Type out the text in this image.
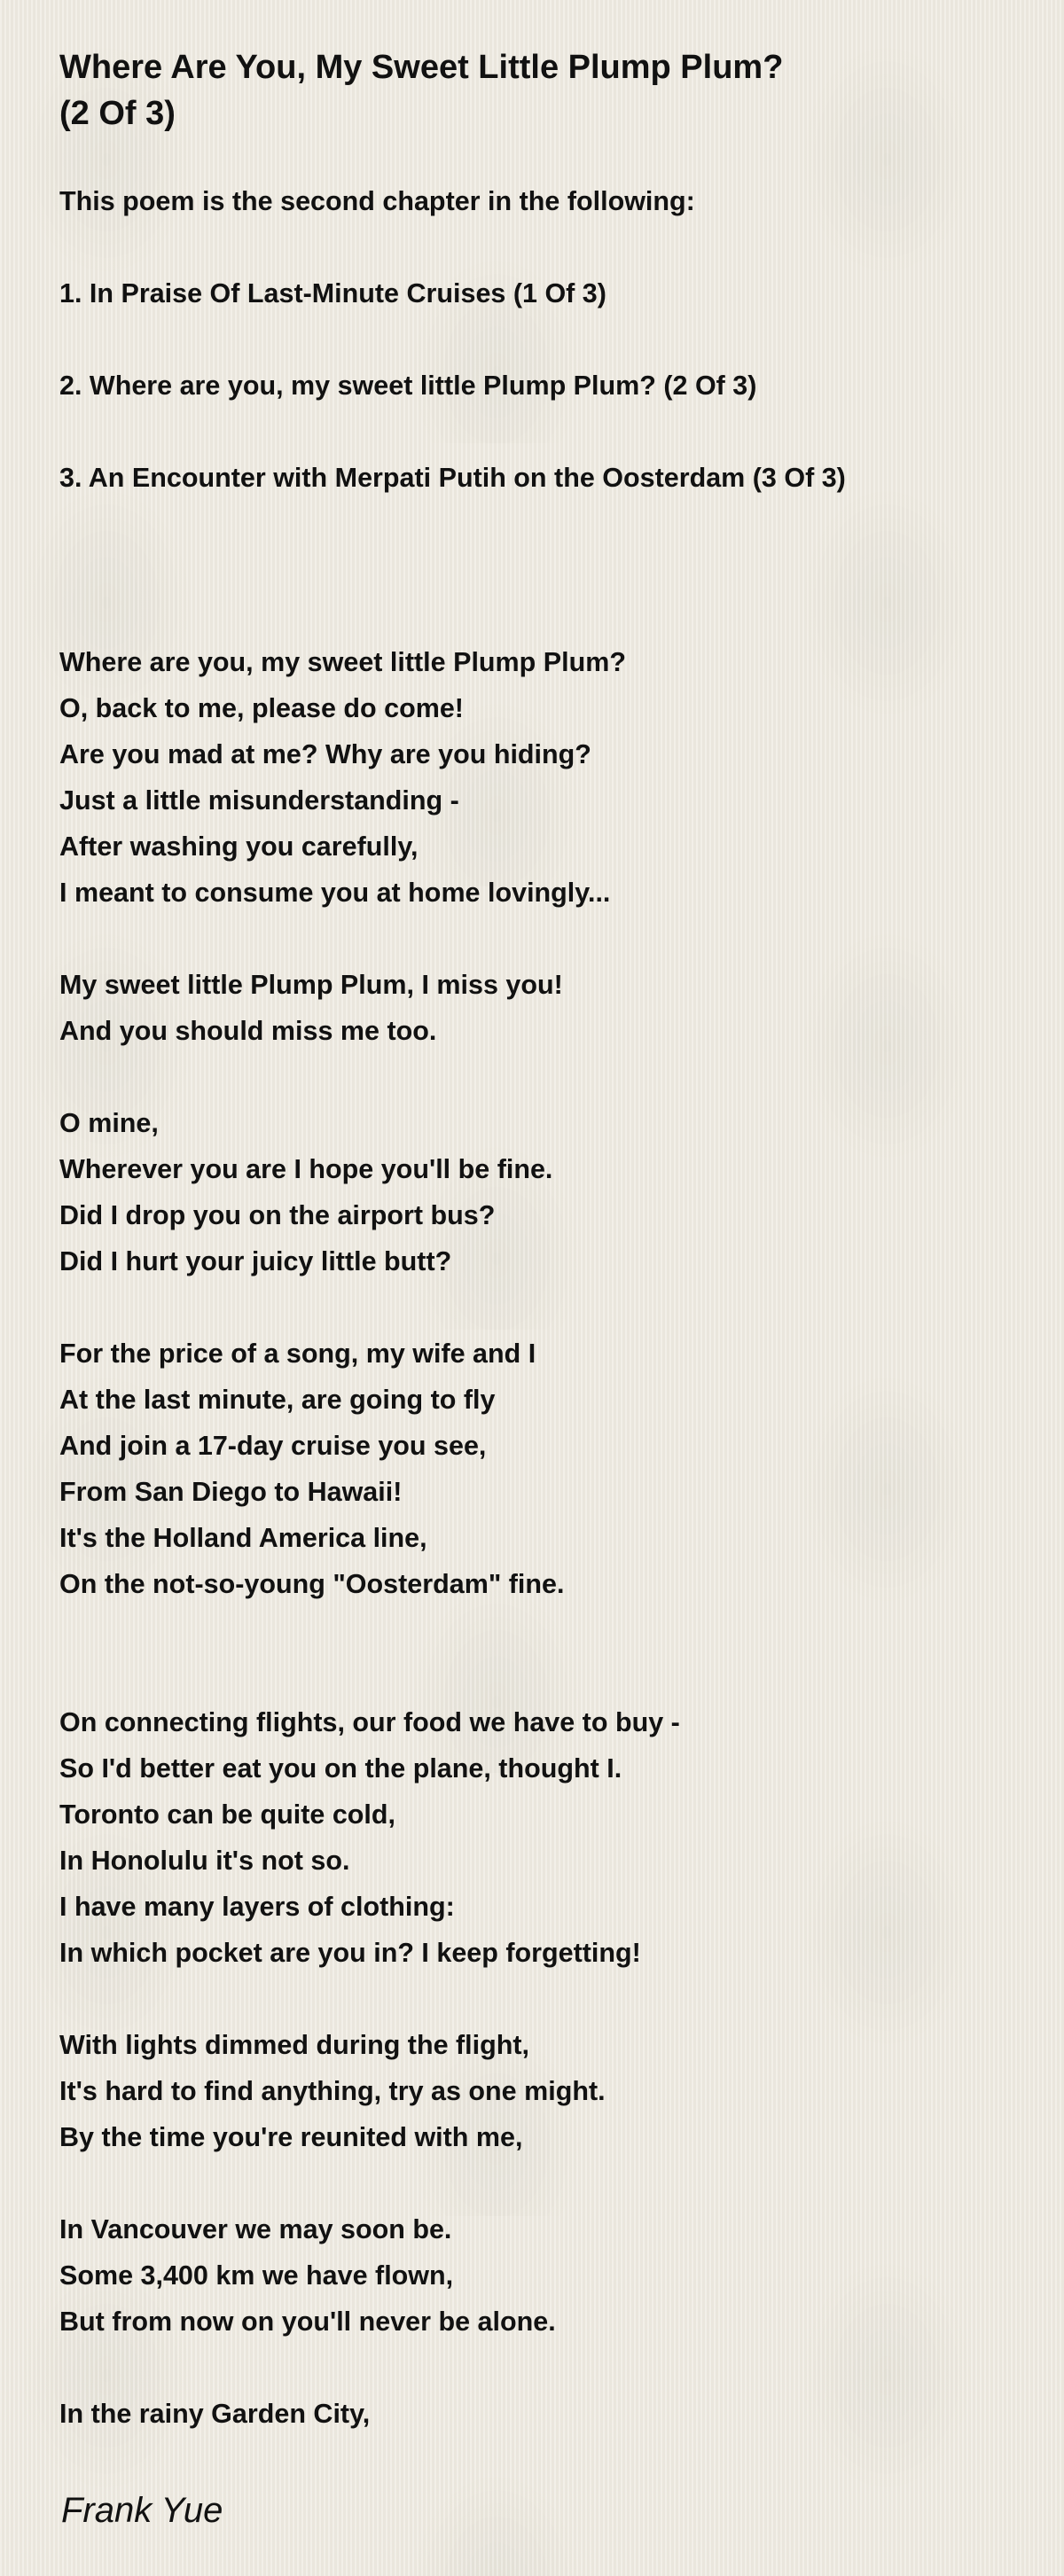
Where Are You, My Sweet Little Plump Plum?
(2 Of 3)
This poem is the second chapter in the following:
1. In Praise Of Last-Minute Cruises (1 Of 3)
2. Where are you, my sweet little Plump Plum? (2 Of 3)
3. An Encounter with Merpati Putih on the Oosterdam (3 Of 3)
Where are you, my sweet little Plump Plum?
O, back to me, please do come!
Are you mad at me? Why are you hiding?
Just a little misunderstanding -
After washing you carefully,
I meant to consume you at home lovingly...
My sweet little Plump Plum, I miss you!
And you should miss me too.
O mine,
Wherever you are I hope you'll be fine.
Did I drop you on the airport bus?
Did I hurt your juicy little butt?
For the price of a song, my wife and I
At the last minute, are going to fly
And join a 17-day cruise you see,
From San Diego to Hawaii!
It's the Holland America line,
On the not-so-young "Oosterdam" fine.
On connecting flights, our food we have to buy -
So I'd better eat you on the plane, thought I.
Toronto can be quite cold,
In Honolulu it's not so.
I have many layers of clothing:
In which pocket are you in? I keep forgetting!
With lights dimmed during the flight,
It's hard to find anything, try as one might.
By the time you're reunited with me,
In Vancouver we may soon be.
Some 3,400 km we have flown,
But from now on you'll never be alone.
In the rainy Garden City,

Frank Yue
